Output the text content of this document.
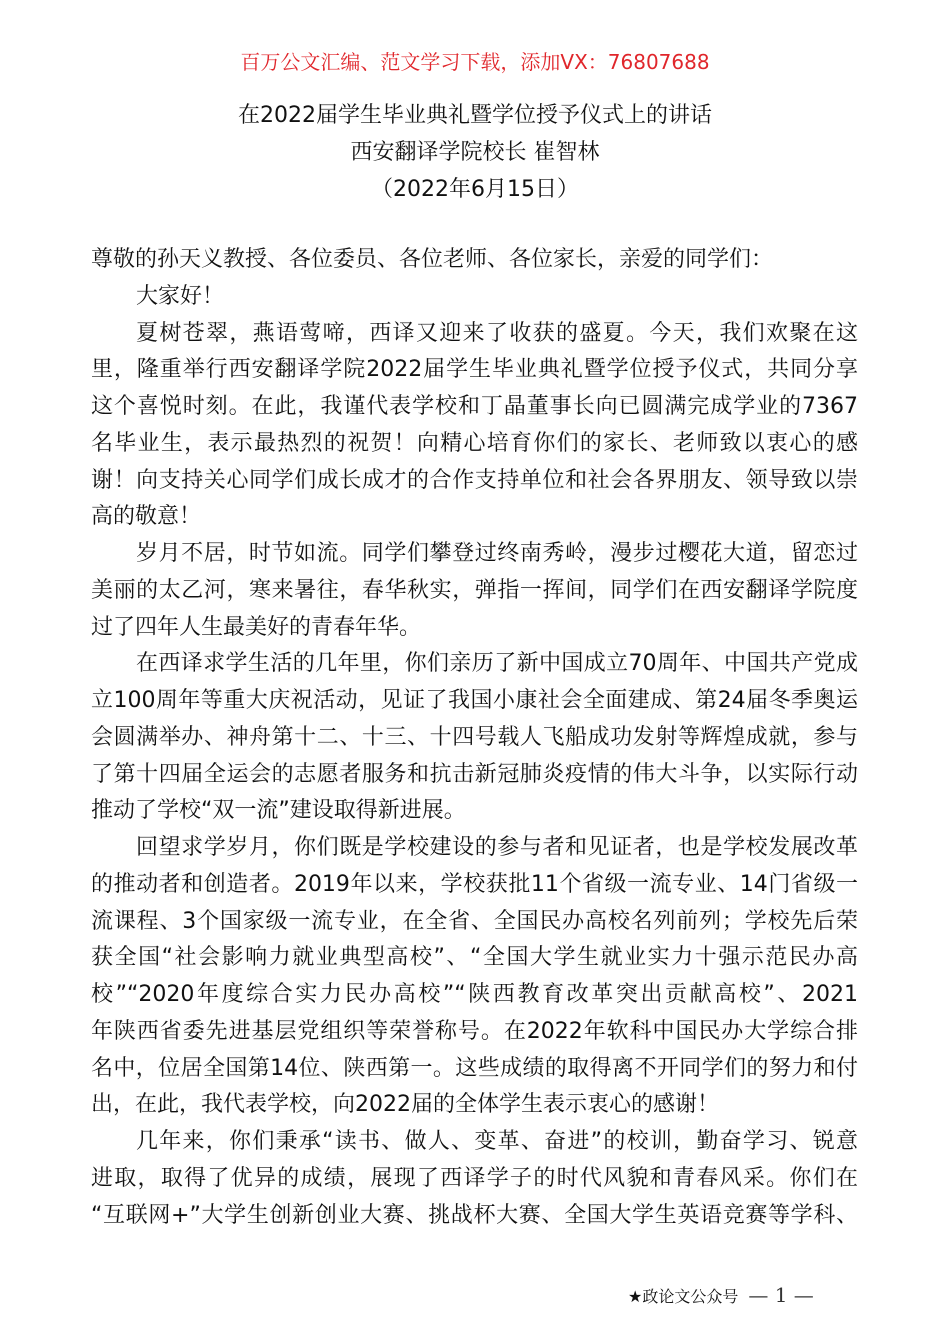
百万公文汇编、范文学习下载，添加VX：76807688
在2022届学生毕业典礼暨学位授予仪式上的讲话
西安翻译学院校长 崔智林
（2022年6月15日）
尊敬的孙天义教授、各位委员、各位老师、各位家长，亲爱的同学们：
大家好！
夏树苍翠，燕语莺啼，西译又迎来了收获的盛夏。今天，我们欢聚在这
里，隆重举行西安翻译学院2022届学生毕业典礼暨学位授予仪式，共同分享
这个喜悦时刻。在此，我谨代表学校和丁晶董事长向已圆满完成学业的7367
名毕业生，表示最热烈的祝贺！向精心培育你们的家长、老师致以衷心的感
谢！向支持关心同学们成长成才的合作支持单位和社会各界朋友、领导致以崇
高的敬意！
岁月不居，时节如流。同学们攀登过终南秀岭，漫步过樱花大道，留恋过
美丽的太乙河，寒来暑往，春华秋实，弹指一挥间，同学们在西安翻译学院度
过了四年人生最美好的青春年华。
在西译求学生活的几年里，你们亲历了新中国成立70周年、中国共产党成
立100周年等重大庆祝活动，见证了我国小康社会全面建成、第24届冬季奥运
会圆满举办、神舟第十二、十三、十四号载人飞船成功发射等辉煌成就，参与
了第十四届全运会的志愿者服务和抗击新冠肺炎疫情的伟大斗争，以实际行动
推动了学校“双一流”建设取得新进展。
回望求学岁月，你们既是学校建设的参与者和见证者，也是学校发展改革
的推动者和创造者。2019年以来，学校获批11个省级一流专业、14门省级一
流课程、3个国家级一流专业，在全省、全国民办高校名列前列；学校先后荣
获全国“社会影响力就业典型高校”、“全国大学生就业实力十强示范民办高
校”“2020年度综合实力民办高校”“陕西教育改革突出贡献高校”、2021
年陕西省委先进基层党组织等荣誉称号。在2022年软科中国民办大学综合排
名中，位居全国第14位、陕西第一。这些成绩的取得离不开同学们的努力和付
出，在此，我代表学校，向2022届的全体学生表示衷心的感谢！
几年来，你们秉承“读书、做人、变革、奋进”的校训，勤奋学习、锐意
进取，取得了优异的成绩，展现了西译学子的时代风貌和青春风采。你们在
“互联网+”大学生创新创业大赛、挑战杯大赛、全国大学生英语竞赛等学科、
★政论文公众号 — 1 —
